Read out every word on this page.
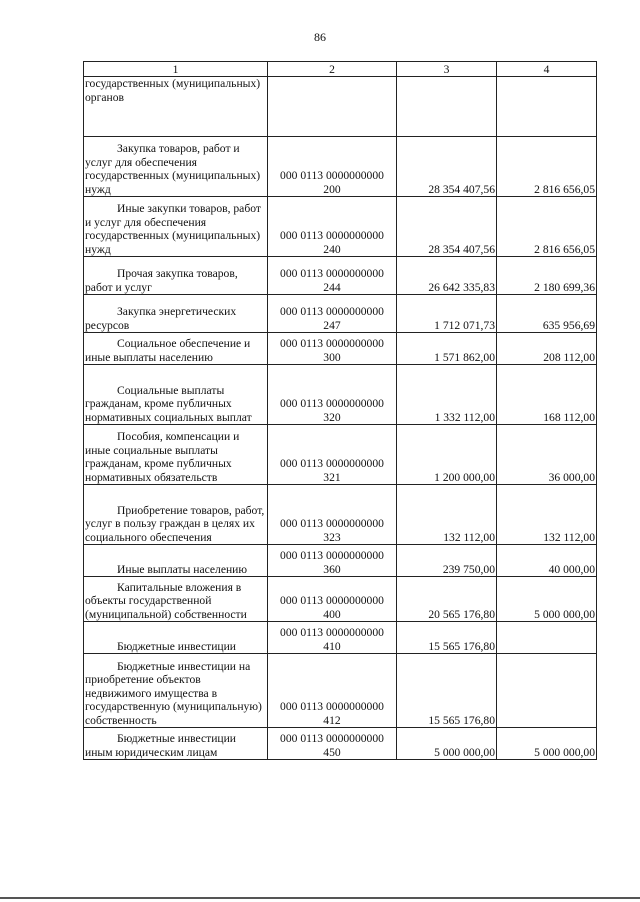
86
1	2	3	4

государственных (муниципальных) органов			

Закупка товаров, работ и услуг для обеспечения государственных (муниципальных) нужд	000 0113 0000000000
200	28 354 407,56	2 816 656,05

Иные закупки товаров, работ и услуг для обеспечения государственных (муниципальных) нужд	000 0113 0000000000
240	28 354 407,56	2 816 656,05

Прочая закупка товаров, работ и услуг	000 0113 0000000000
244	26 642 335,83	2 180 699,36

Закупка энергетических ресурсов	000 0113 0000000000
247	1 712 071,73	635 956,69

Социальное обеспечение и иные выплаты населению	000 0113 0000000000
300	1 571 862,00	208 112,00

Социальные выплаты гражданам, кроме публичных нормативных социальных выплат	000 0113 0000000000
320	1 332 112,00	168 112,00

Пособия, компенсации и иные социальные выплаты гражданам, кроме публичных нормативных обязательств	000 0113 0000000000
321	1 200 000,00	36 000,00

Приобретение товаров, работ, услуг в пользу граждан в целях их социального обеспечения	000 0113 0000000000
323	132 112,00	132 112,00

Иные выплаты населению	000 0113 0000000000
360	239 750,00	40 000,00

Капитальные вложения в объекты государственной (муниципальной) собственности	000 0113 0000000000
400	20 565 176,80	5 000 000,00

Бюджетные инвестиции	000 0113 0000000000
410	15 565 176,80	

Бюджетные инвестиции на приобретение объектов недвижимого имущества в государственную (муниципальную) собственность	000 0113 0000000000
412	15 565 176,80	

Бюджетные инвестиции иным юридическим лицам	000 0113 0000000000
450	5 000 000,00	5 000 000,00
